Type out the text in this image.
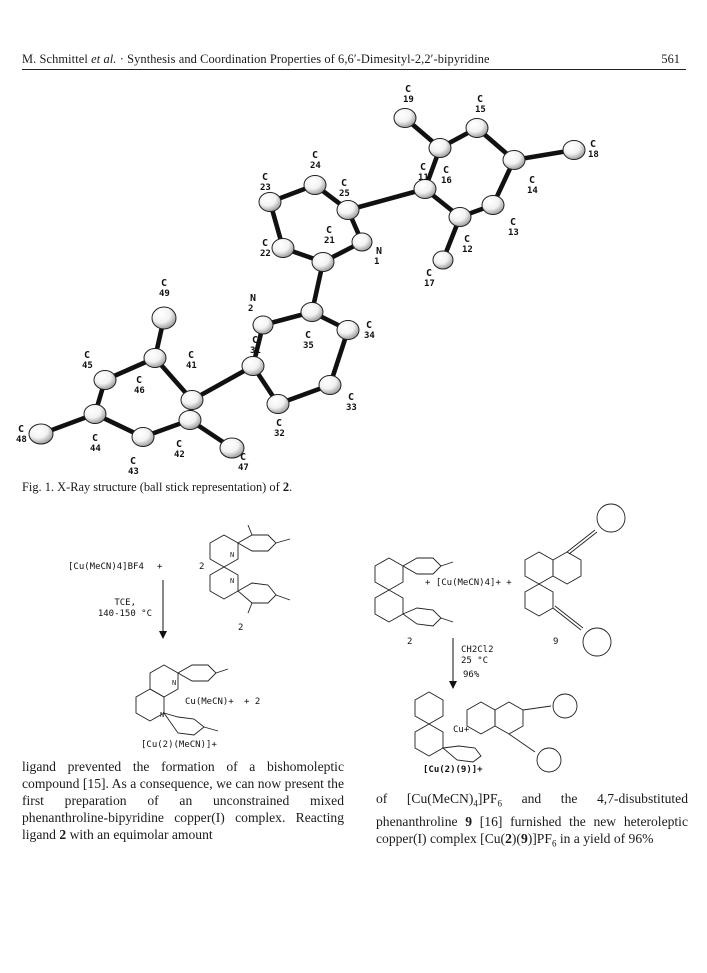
M. Schmittel et al. · Synthesis and Coordination Properties of 6,6′-Dimesityl-2,2′-bipyridine	561
C
19	C
15
C
18
C
16	C
14
C
24	C
11
C
25
C
23
C
13
C
12
C
21
C
22	N
1
C
17
C
49	N
2
C
34
C
35
C
31
C
45
C
41
C
46
C
33
C
32
C
48	C
44	C
42
C
43
C
47
Fig. 1. X-Ray structure (ball stick representation) of 2.
[Cu(MeCN)4]BF4 +	2
TCE,
140-150 °C
2
Cu(MeCN)+ + 2
[Cu(2)(MeCN)]+
N
N
N
N
2
+ [Cu(MeCN)4]+ +
9
CH2Cl2
25 °C
96%
Cu+
[Cu(2)(9)]+
ligand prevented the formation of a bishomoleptic compound [15]. As a consequence, we can now present the first preparation of an unconstrained mixed phenanthroline-bipyridine copper(I) complex. Reacting ligand 2 with an equimolar amount
of $[Cu(MeCN)_4]PF_6$ and the 4,7-disubstituted phenanthroline 9 [16] furnished the new heteroleptic copper(I) complex $[Cu(2)(9)]PF_6$ in a yield of 96%
